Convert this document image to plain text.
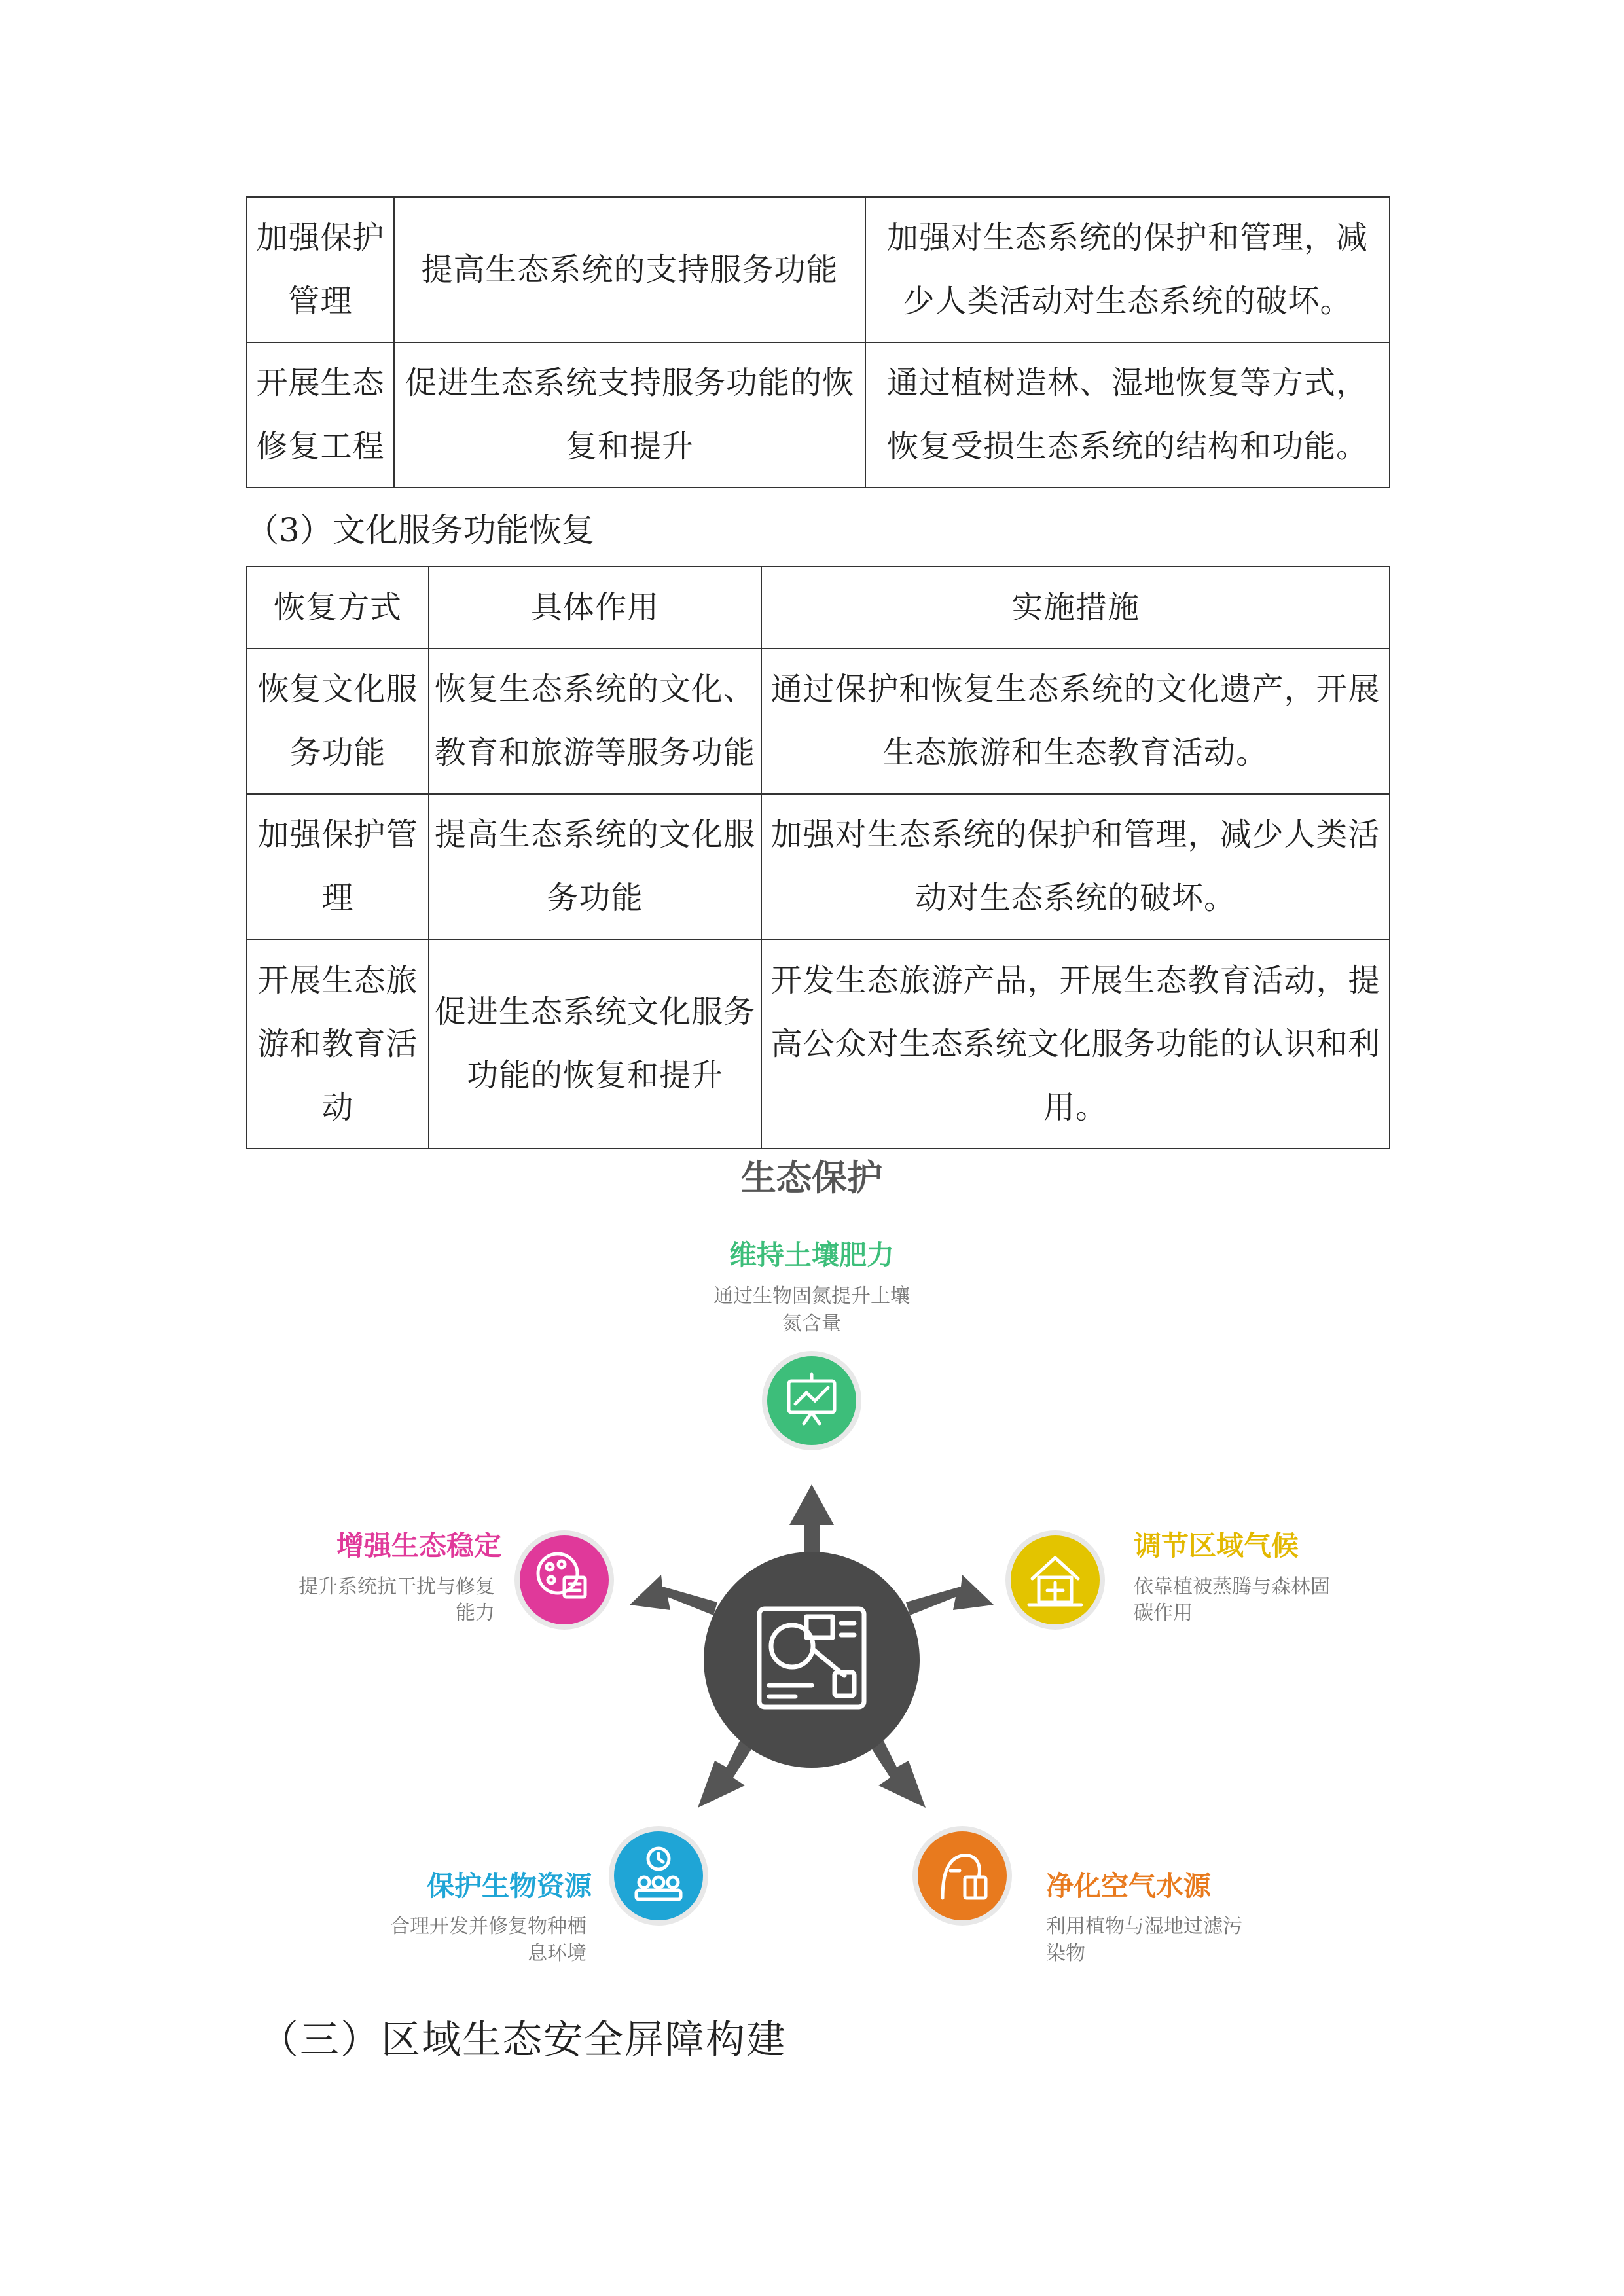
加强保护管理	提高生态系统的支持服务功能	加强对生态系统的保护和管理，减少人类活动对生态系统的破坏。
开展生态修复工程	促进生态系统支持服务功能的恢复和提升	通过植树造林、湿地恢复等方式，恢复受损生态系统的结构和功能。
（3）文化服务功能恢复
恢复方式	具体作用	实施措施
恢复文化服务功能	恢复生态系统的文化、教育和旅游等服务功能	通过保护和恢复生态系统的文化遗产，开展生态旅游和生态教育活动。
加强保护管理	提高生态系统的文化服务功能	加强对生态系统的保护和管理，减少人类活动对生态系统的破坏。
开展生态旅游和教育活动	促进生态系统文化服务功能的恢复和提升	开发生态旅游产品，开展生态教育活动，提高公众对生态系统文化服务功能的认识和利用。
生态保护
维持土壤肥力
通过生物固氮提升土壤
氮含量
调节区域气候
依靠植被蒸腾与森林固
碳作用
净化空气水源
利用植物与湿地过滤污
染物
保护生物资源
合理开发并修复物种栖
息环境
增强生态稳定
提升系统抗干扰与修复
能力
（三）区域生态安全屏障构建
